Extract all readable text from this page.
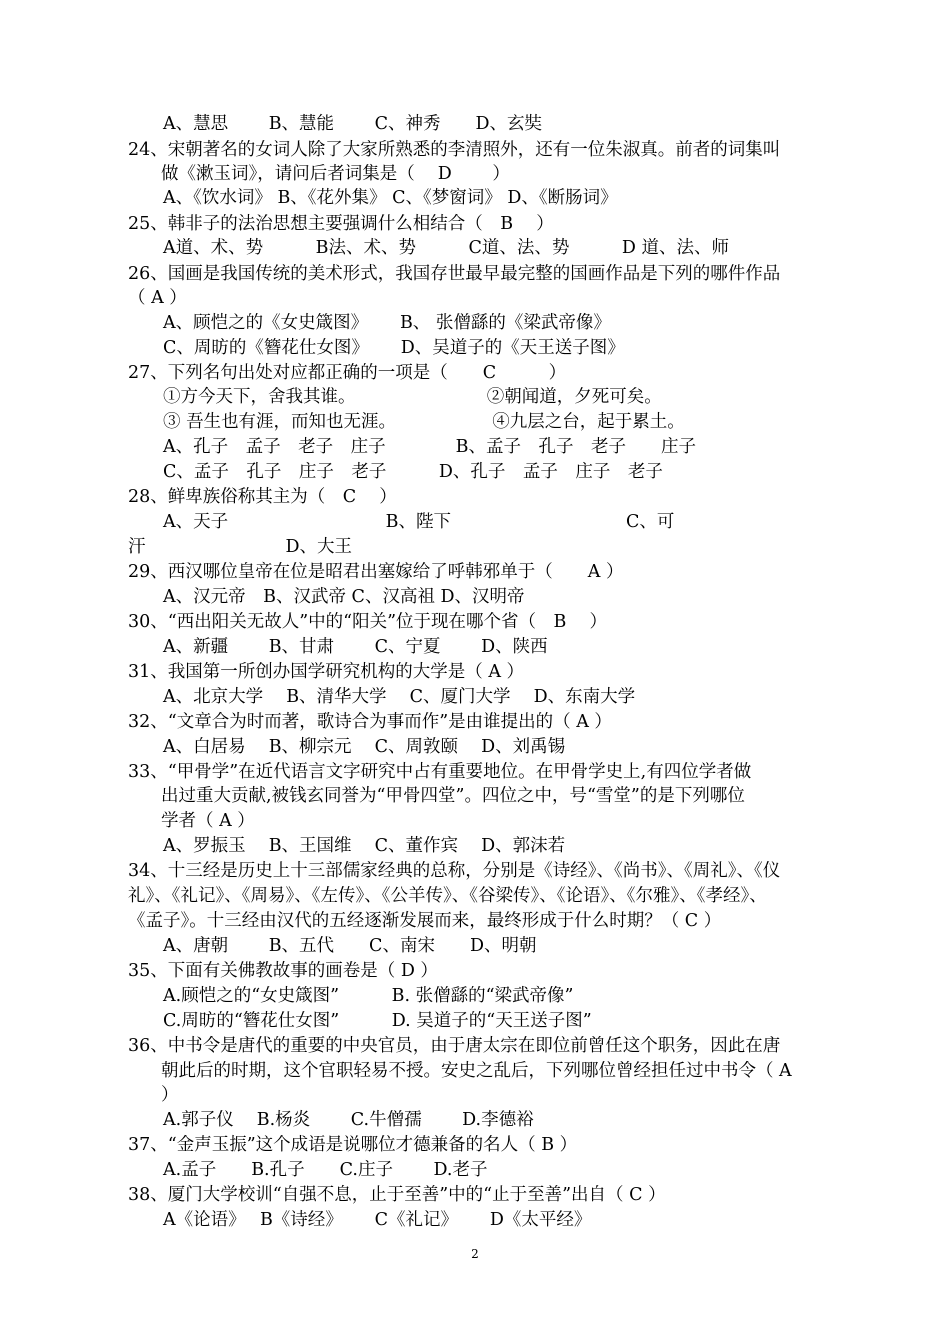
A、慧思　　 B、慧能　　 C、神秀　　D、玄奘

24、宋朝著名的女词人除了大家所熟悉的李清照外，还有一位朱淑真。前者的词集叫

做《漱玉词》，请问后者词集是（　 D　　 ）

A、《饮水词》 B、《花外集》 C、《梦窗词》 D、《断肠词》

25、韩非子的法治思想主要强调什么相结合（　B　 ）

A道、术、势　　　B法、术、势　　　C道、法、势　　　D 道、法、师

26、国画是我国传统的美术形式，我国存世最早最完整的国画作品是下列的哪件作品

（ A ）

A、顾恺之的《女史箴图》　　 B、 张僧繇的《梁武帝像》

C、周昉的《簪花仕女图》　　 D、吴道子的《天王送子图》

27、下列名句出处对应都正确的一项是（　　C　　　）

①方今天下，舍我其谁。　　　　　　　　②朝闻道，夕死可矣。

③ 吾生也有涯，而知也无涯。　　　　　　④九层之台，起于累土。

A、孔子　孟子　老子　庄子　　　　B、孟子　孔子　老子　　庄子

C、孟子　孔子　庄子　老子　　　D、孔子　孟子　庄子　老子

28、鲜卑族俗称其主为（　C　 ）

A、天子　　　　　　　　　B、陛下　　　　　　　　　　C、可

汗　　　　　　　　D、大王

29、西汉哪位皇帝在位是昭君出塞嫁给了呼韩邪单于（　　A ）

A、汉元帝　B、汉武帝 C、汉高祖 D、汉明帝

30、“西出阳关无故人”中的“阳关”位于现在哪个省（　B　 ）

A、新疆　　 B、甘肃　　 C、宁夏　　 D、陕西

31、我国第一所创办国学研究机构的大学是（ A ）

A、北京大学　 B、清华大学　 C、厦门大学　 D、东南大学

32、“文章合为时而著，歌诗合为事而作”是由谁提出的（ A ）

A、白居易　 B、柳宗元　 C、周敦颐　 D、刘禹锡

33、“甲骨学”在近代语言文字研究中占有重要地位。在甲骨学史上,有四位学者做

出过重大贡献,被钱玄同誉为“甲骨四堂”。四位之中，号“雪堂”的是下列哪位

学者（ A ）

A、罗振玉　 B、王国维　 C、董作宾　 D、郭沫若

34、十三经是历史上十三部儒家经典的总称，分别是《诗经》、《尚书》、《周礼》、《仪

礼》、《礼记》、《周易》、《左传》、《公羊传》、《谷梁传》、《论语》、《尔雅》、《孝经》、

《孟子》。十三经由汉代的五经逐渐发展而来，最终形成于什么时期？（ C ）

A、唐朝　　 B、五代　　C、南宋　　D、明朝

35、下面有关佛教故事的画卷是（ D ）

A.顾恺之的“女史箴图”　　　B. 张僧繇的“梁武帝像”

C.周昉的“簪花仕女图”　　　D. 吴道子的“天王送子图”

36、中书令是唐代的重要的中央官员，由于唐太宗在即位前曾任这个职务，因此在唐

朝此后的时期，这个官职轻易不授。安史之乱后，下列哪位曾经担任过中书令（ A

）

A.郭子仪　 B.杨炎　　 C.牛僧孺　　 D.李德裕

37、“金声玉振”这个成语是说哪位才德兼备的名人（ B ）

A.孟子　　B.孔子　　C.庄子　　 D.老子

38、厦门大学校训“自强不息，止于至善”中的“止于至善”出自（ C ）

A《论语》　 B《诗经》　　 C《礼记》　　 D《太平经》

2
